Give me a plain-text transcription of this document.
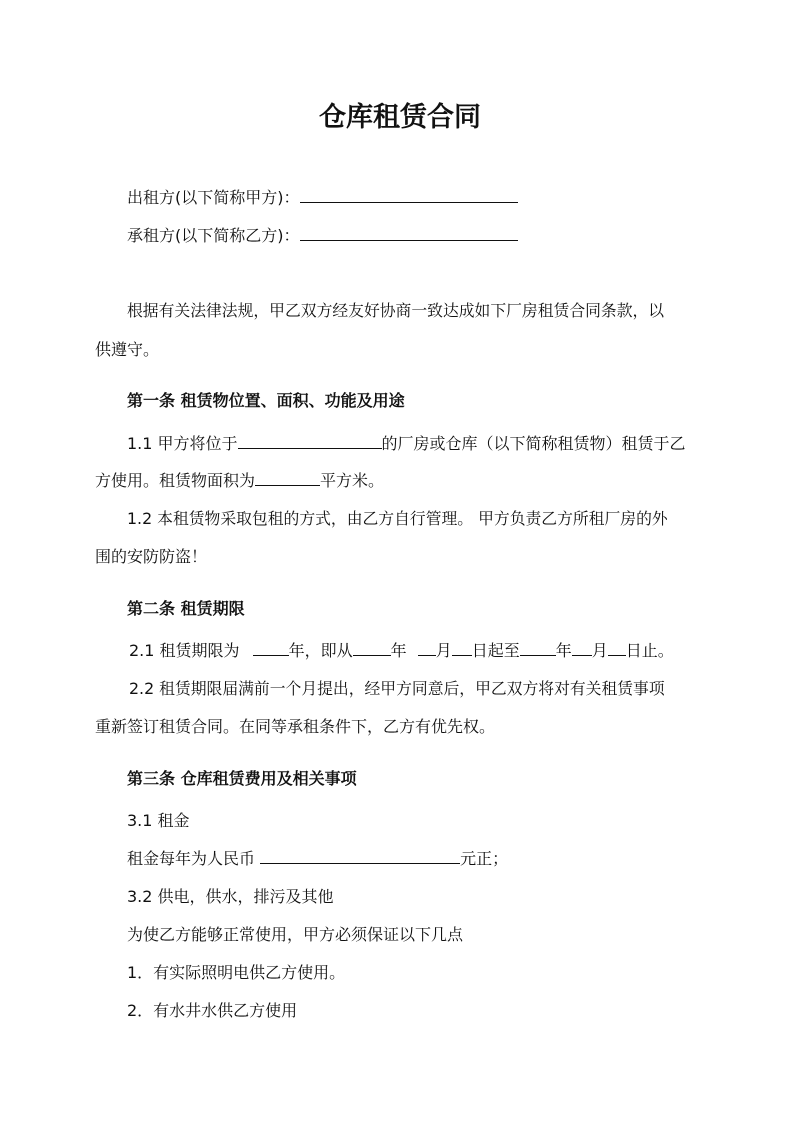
仓库租赁合同
出租方(以下简称甲方)：
承租方(以下简称乙方)：
根据有关法律法规，甲乙双方经友好协商一致达成如下厂房租赁合同条款，以
供遵守。
第一条 租赁物位置、面积、功能及用途
1.1 甲方将位于	的厂房或仓库（以下简称租赁物）租赁于乙
方使用。租赁物面积为	平方米。
1.2 本租赁物采取包租的方式，由乙方自行管理。 甲方负责乙方所租厂房的外
围的安防防盗！
第二条 租赁期限
2.1 租赁期限为	年，即从 年 月 日起至 年 月 日止。
2.2 租赁期限届满前一个月提出，经甲方同意后，甲乙双方将对有关租赁事项
重新签订租赁合同。在同等承租条件下，乙方有优先权。
第三条 仓库租赁费用及相关事项
3.1 租金
租金每年为人民币	元正；
3.2 供电，供水，排污及其他
为使乙方能够正常使用，甲方必须保证以下几点
1．有实际照明电供乙方使用。
2．有水井水供乙方使用
